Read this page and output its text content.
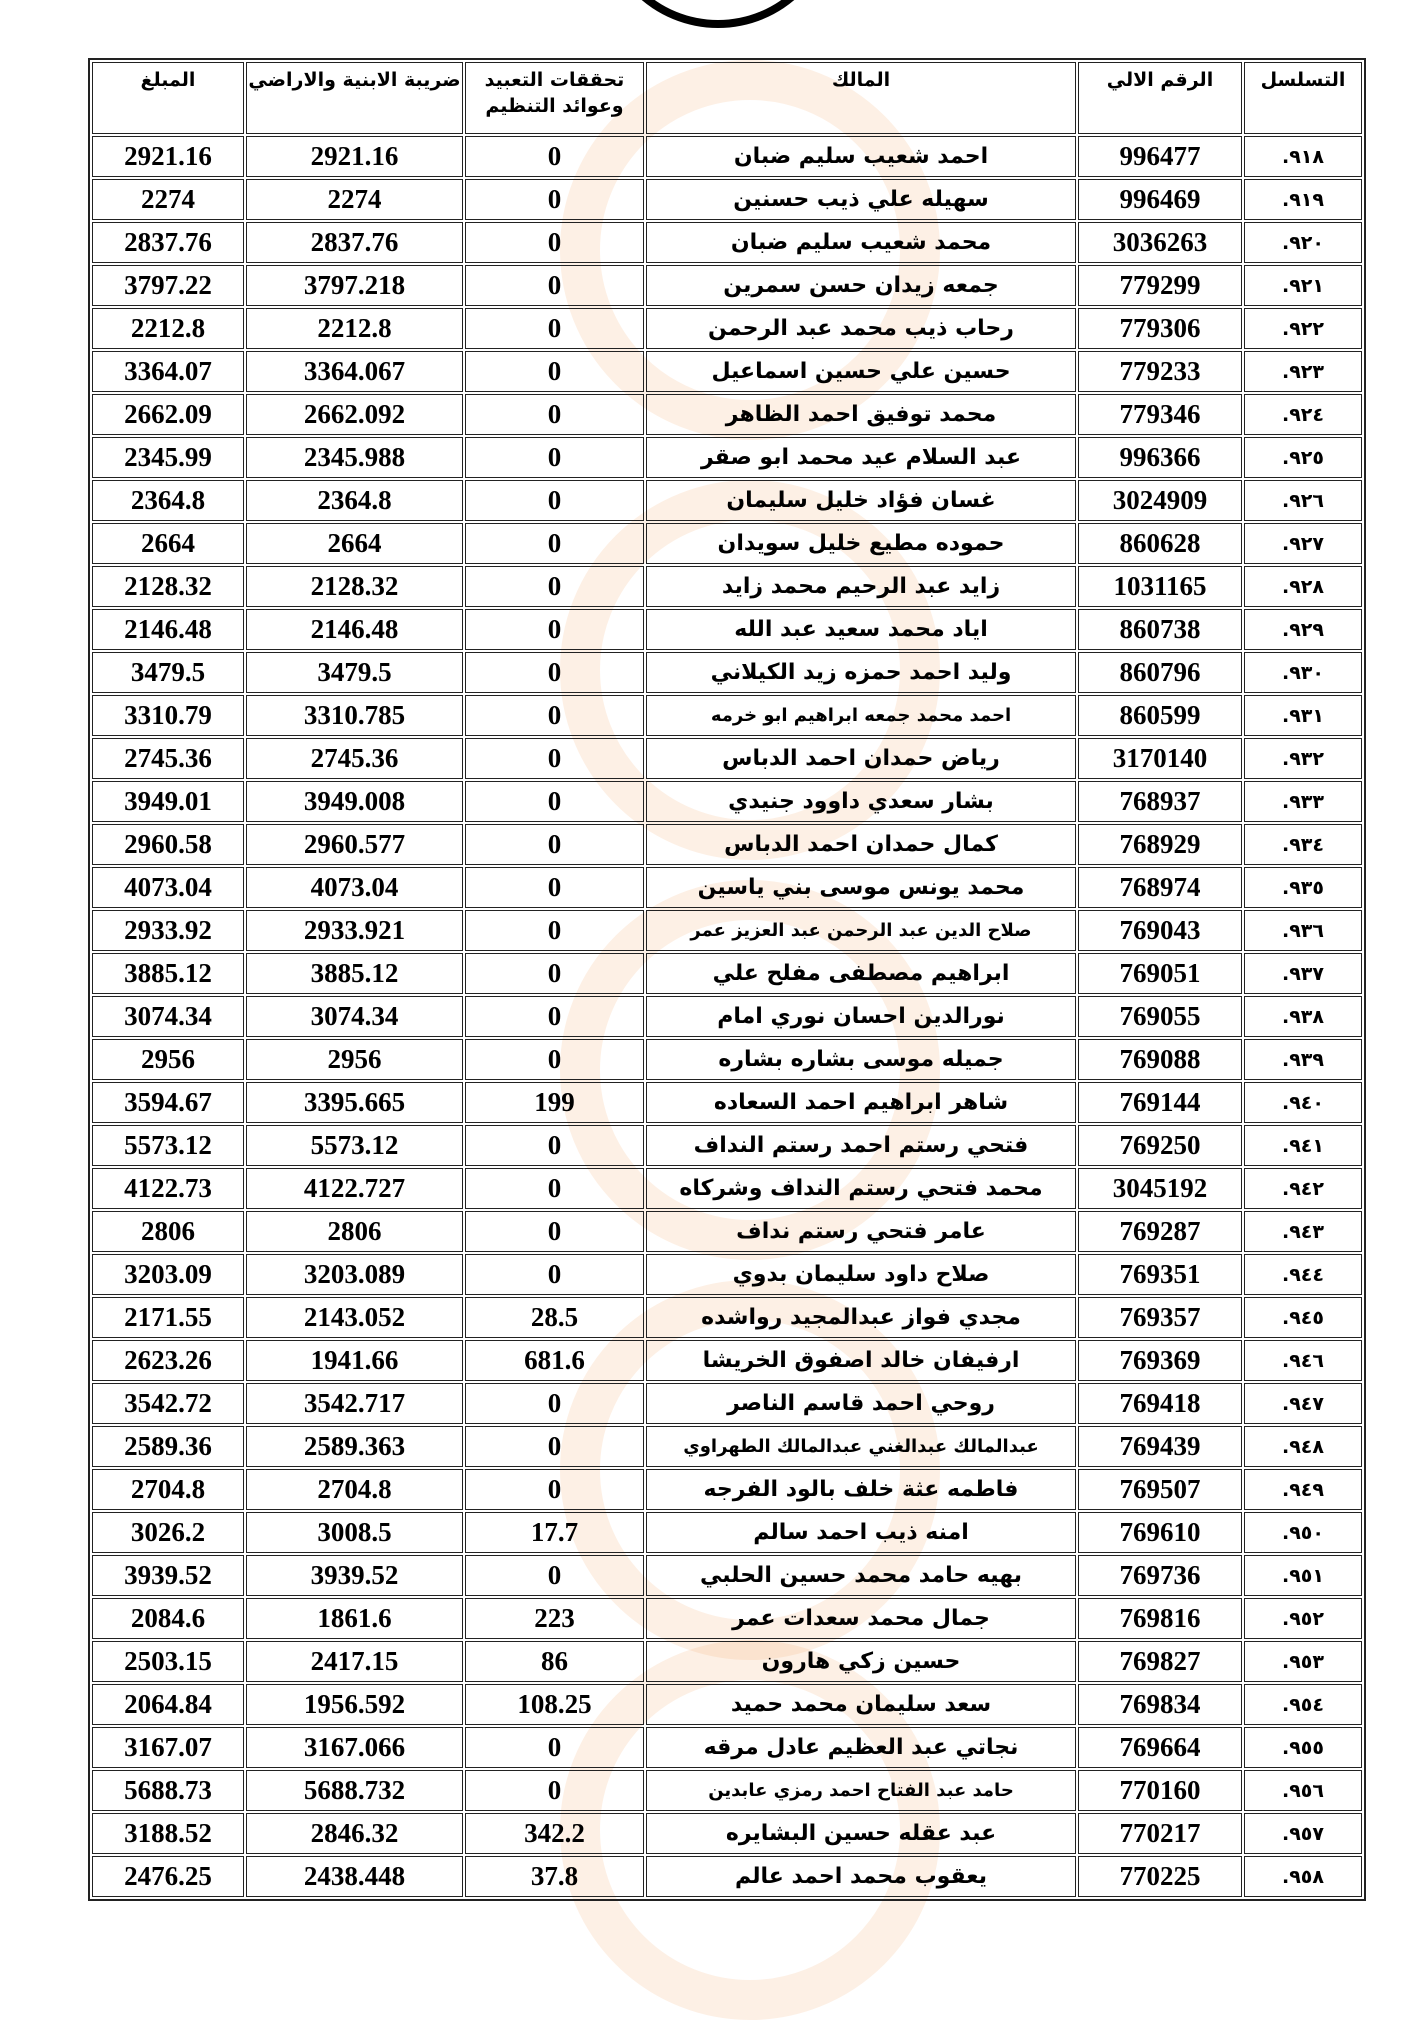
التسلسل	الرقم الالي	المالك	تحققات التعبيد وعوائد التنظيم	ضريبة الابنية والاراضي	المبلغ
٩١٨.	996477	احمد شعيب سليم ضبان	0	2921.16	2921.16
٩١٩.	996469	سهيله علي ذيب حسنين	0	2274	2274
٩٢٠.	3036263	محمد شعيب سليم ضبان	0	2837.76	2837.76
٩٢١.	779299	جمعه زيدان حسن سمرين	0	3797.218	3797.22
٩٢٢.	779306	رحاب ذيب محمد عبد الرحمن	0	2212.8	2212.8
٩٢٣.	779233	حسين علي حسين اسماعيل	0	3364.067	3364.07
٩٢٤.	779346	محمد توفيق احمد الظاهر	0	2662.092	2662.09
٩٢٥.	996366	عبد السلام عيد محمد ابو صقر	0	2345.988	2345.99
٩٢٦.	3024909	غسان فؤاد خليل سليمان	0	2364.8	2364.8
٩٢٧.	860628	حموده مطيع خليل سويدان	0	2664	2664
٩٢٨.	1031165	زايد عبد الرحيم محمد زايد	0	2128.32	2128.32
٩٢٩.	860738	اياد محمد سعيد عبد الله	0	2146.48	2146.48
٩٣٠.	860796	وليد احمد حمزه زيد الكيلاني	0	3479.5	3479.5
٩٣١.	860599	احمد محمد جمعه ابراهيم ابو خرمه	0	3310.785	3310.79
٩٣٢.	3170140	رياض حمدان احمد الدباس	0	2745.36	2745.36
٩٣٣.	768937	بشار سعدي داوود جنيدي	0	3949.008	3949.01
٩٣٤.	768929	كمال حمدان احمد الدباس	0	2960.577	2960.58
٩٣٥.	768974	محمد يونس موسى بني ياسين	0	4073.04	4073.04
٩٣٦.	769043	صلاح الدين عبد الرحمن عبد العزيز عمر	0	2933.921	2933.92
٩٣٧.	769051	ابراهيم مصطفى مفلح علي	0	3885.12	3885.12
٩٣٨.	769055	نورالدين احسان نوري امام	0	3074.34	3074.34
٩٣٩.	769088	جميله موسى بشاره بشاره	0	2956	2956
٩٤٠.	769144	شاهر ابراهيم احمد السعاده	199	3395.665	3594.67
٩٤١.	769250	فتحي رستم احمد رستم النداف	0	5573.12	5573.12
٩٤٢.	3045192	محمد فتحي رستم النداف وشركاه	0	4122.727	4122.73
٩٤٣.	769287	عامر فتحي رستم نداف	0	2806	2806
٩٤٤.	769351	صلاح داود سليمان بدوي	0	3203.089	3203.09
٩٤٥.	769357	مجدي فواز عبدالمجيد رواشده	28.5	2143.052	2171.55
٩٤٦.	769369	ارفيفان خالد اصفوق الخريشا	681.6	1941.66	2623.26
٩٤٧.	769418	روحي احمد قاسم الناصر	0	3542.717	3542.72
٩٤٨.	769439	عبدالمالك عبدالغني عبدالمالك الطهراوي	0	2589.363	2589.36
٩٤٩.	769507	فاطمه عثة خلف بالود الفرجه	0	2704.8	2704.8
٩٥٠.	769610	امنه ذيب احمد سالم	17.7	3008.5	3026.2
٩٥١.	769736	بهيه حامد محمد حسين الحلبي	0	3939.52	3939.52
٩٥٢.	769816	جمال محمد سعدات عمر	223	1861.6	2084.6
٩٥٣.	769827	حسين زكي هارون	86	2417.15	2503.15
٩٥٤.	769834	سعد سليمان محمد حميد	108.25	1956.592	2064.84
٩٥٥.	769664	نجاتي عبد العظيم عادل مرقه	0	3167.066	3167.07
٩٥٦.	770160	حامد عبد الفتاح احمد رمزي عابدين	0	5688.732	5688.73
٩٥٧.	770217	عبد عقله حسين البشايره	342.2	2846.32	3188.52
٩٥٨.	770225	يعقوب محمد احمد عالم	37.8	2438.448	2476.25
